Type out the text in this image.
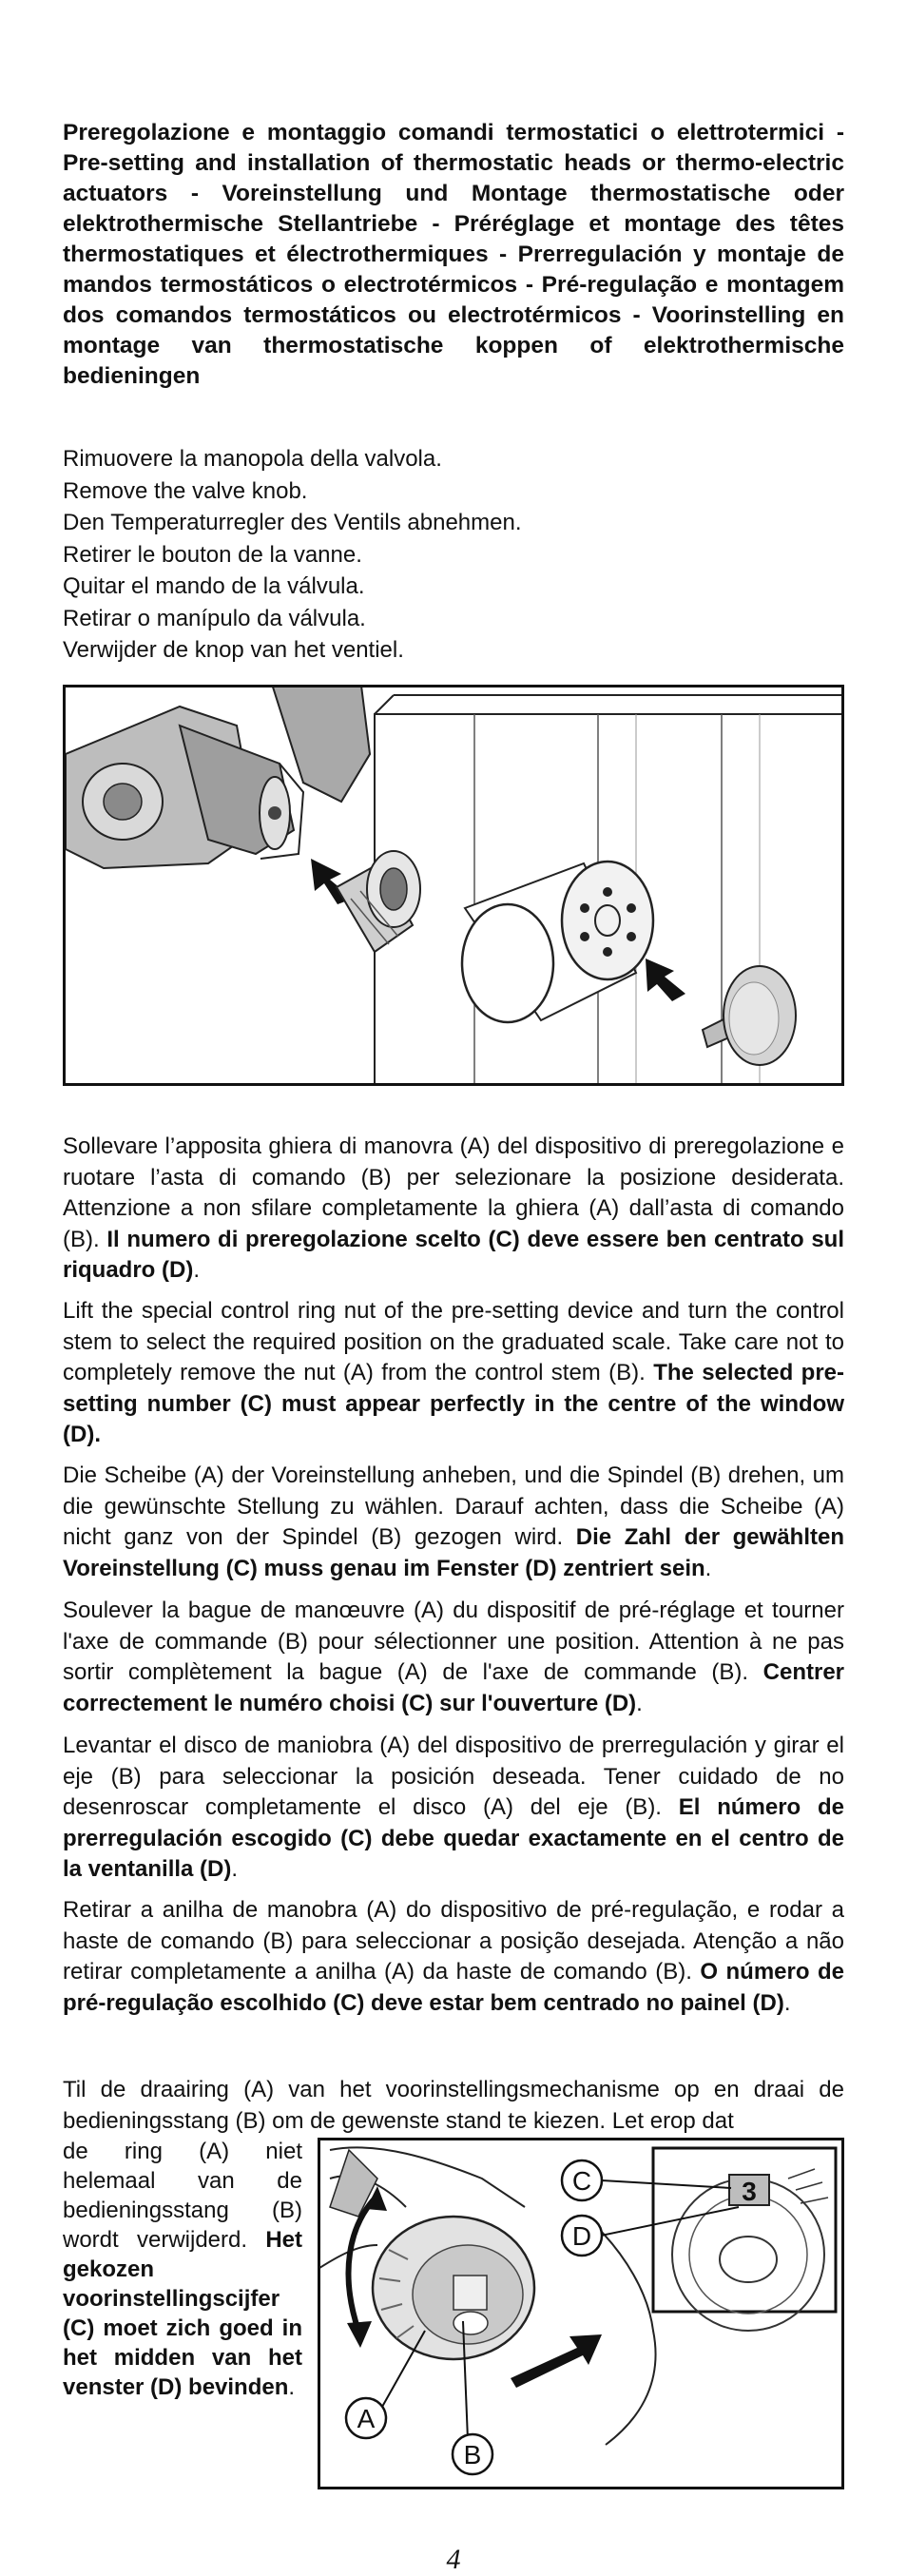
Preregolazione e montaggio comandi termostatici o elettrotermici - Pre-setting and installation of thermostatic heads or thermo-electric actuators - Voreinstellung und Montage thermostatische oder elektrothermische Stellantriebe - Préréglage et montage des têtes thermostatiques et électrothermiques - Prerregulación y montaje de mandos termostáticos o electrotérmicos - Pré-regulação e montagem dos comandos termostáticos ou electrotérmicos - Voorinstelling en montage van thermostatische koppen of elektrothermische bedieningen

Rimuovere la manopola della valvola.
Remove the valve knob.
Den Temperaturregler des Ventils abnehmen.
Retirer le bouton de la vanne.
Quitar el mando de la válvula.
Retirar o manípulo da válvula.
Verwijder de knop van het ventiel.

Sollevare l’apposita ghiera di manovra (A) del dispositivo di preregolazione e ruotare l’asta di comando (B) per selezionare la posizione desiderata. Attenzione a non sfilare completamente la ghiera (A) dall’asta di comando (B). Il numero di preregolazione scelto (C) deve essere ben centrato sul riquadro (D).

Lift the special control ring nut of the pre-setting device and turn the control stem to select the required position on the graduated scale. Take care not to completely remove the nut (A) from the control stem (B). The selected pre-setting number (C) must appear perfectly in the centre of the window (D).

Die Scheibe (A) der Voreinstellung anheben, und die Spindel (B) drehen, um die gewünschte Stellung zu wählen. Darauf achten, dass die Scheibe (A) nicht ganz von der Spindel (B) gezogen wird. Die Zahl der gewählten Voreinstellung (C) muss genau im Fenster (D) zentriert sein.

Soulever la bague de manœuvre (A) du dispositif de pré-réglage et tourner l'axe de commande (B) pour sélectionner une position. Attention à ne pas sortir complètement la bague (A) de l'axe de commande (B). Centrer correctement le numéro choisi (C) sur l'ouverture (D).

Levantar el disco de maniobra (A) del dispositivo de prerregulación y girar el eje (B) para seleccionar la posición deseada. Tener cuidado de no desenroscar completamente el disco (A) del eje (B). El número de prerregulación escogido (C) debe quedar exactamente en el centro de la ventanilla (D).

Retirar a anilha de manobra (A) do dispositivo de pré-regulação, e rodar a haste de comando (B) para seleccionar a posição desejada. Atenção a não retirar completamente a anilha (A) da haste de comando (B). O número de pré-regulação escolhido (C) deve estar bem centrado no painel (D).

Til de draairing (A) van het voorinstellingsmechanisme op en draai de bedieningsstang (B) om de gewenste stand te kiezen. Let erop dat

de ring (A) niet helemaal van de bedieningsstang (B) wordt verwijderd. Het gekozen voorinstellingscijfer (C) moet zich goed in het midden van het venster (D) bevinden.

3
C
D
A
B
4
